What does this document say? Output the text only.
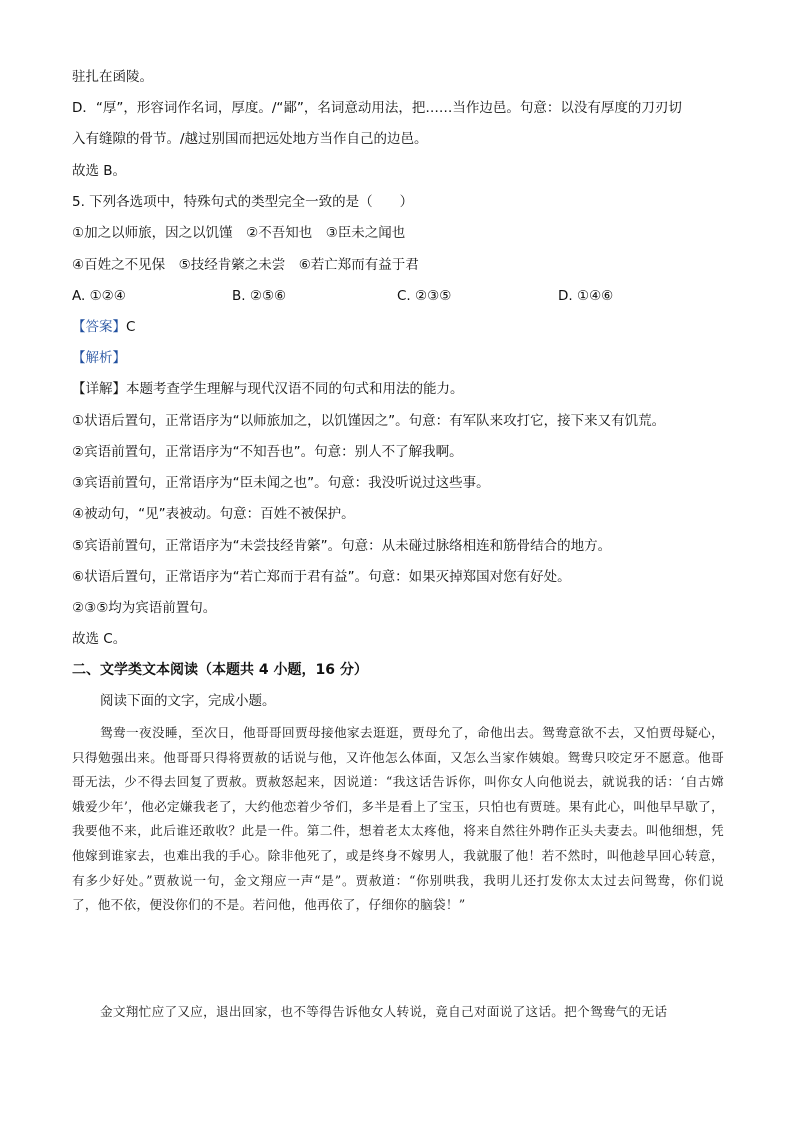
驻扎在函陵。
D．“厚”，形容词作名词，厚度。/“鄙”，名词意动用法，把……当作边邑。句意：以没有厚度的刀刃切
入有缝隙的骨节。/越过别国而把远处地方当作自己的边邑。
故选 B。
5. 下列各选项中，特殊句式的类型完全一致的是（　　）
①加之以师旅，因之以饥馑　②不吾知也　③臣未之闻也
④百姓之不见保　⑤技经肯綮之未尝　⑥若亡郑而有益于君
A. ①②④	B. ②⑤⑥	C. ②③⑤	D. ①④⑥
【答案】C
【解析】
【详解】本题考查学生理解与现代汉语不同的句式和用法的能力。
①状语后置句，正常语序为“以师旅加之，以饥馑因之”。句意：有军队来攻打它，接下来又有饥荒。
②宾语前置句，正常语序为“不知吾也”。句意：别人不了解我啊。
③宾语前置句，正常语序为“臣未闻之也”。句意：我没听说过这些事。
④被动句，“见”表被动。句意：百姓不被保护。
⑤宾语前置句，正常语序为“未尝技经肯綮”。句意：从未碰过脉络相连和筋骨结合的地方。
⑥状语后置句，正常语序为“若亡郑而于君有益”。句意：如果灭掉郑国对您有好处。
②③⑤均为宾语前置句。
故选 C。
二、文学类文本阅读（本题共 4 小题，16 分）
阅读下面的文字，完成小题。
鸳鸯一夜没睡，至次日，他哥哥回贾母接他家去逛逛，贾母允了，命他出去。鸳鸯意欲不去，又怕贾母疑心，只得勉强出来。他哥哥只得将贾赦的话说与他，又许他怎么体面，又怎么当家作姨娘。鸳鸯只咬定牙不愿意。他哥哥无法，少不得去回复了贾赦。贾赦怒起来，因说道：“我这话告诉你，叫你女人向他说去，就说我的话：‘自古嫦娥爱少年’，他必定嫌我老了，大约他恋着少爷们，多半是看上了宝玉，只怕也有贾琏。果有此心，叫他早早歇了，我要他不来，此后谁还敢收？此是一件。第二件，想着老太太疼他，将来自然往外聘作正头夫妻去。叫他细想，凭他嫁到谁家去，也难出我的手心。除非他死了，或是终身不嫁男人，我就服了他！若不然时，叫他趁早回心转意，有多少好处。”贾赦说一句，金文翔应一声“是”。贾赦道：“你别哄我，我明儿还打发你太太过去问鸳鸯，你们说了，他不依，便没你们的不是。若问他，他再依了，仔细你的脑袋！”
金文翔忙应了又应，退出回家，也不等得告诉他女人转说，竟自己对面说了这话。把个鸳鸯气的无话
